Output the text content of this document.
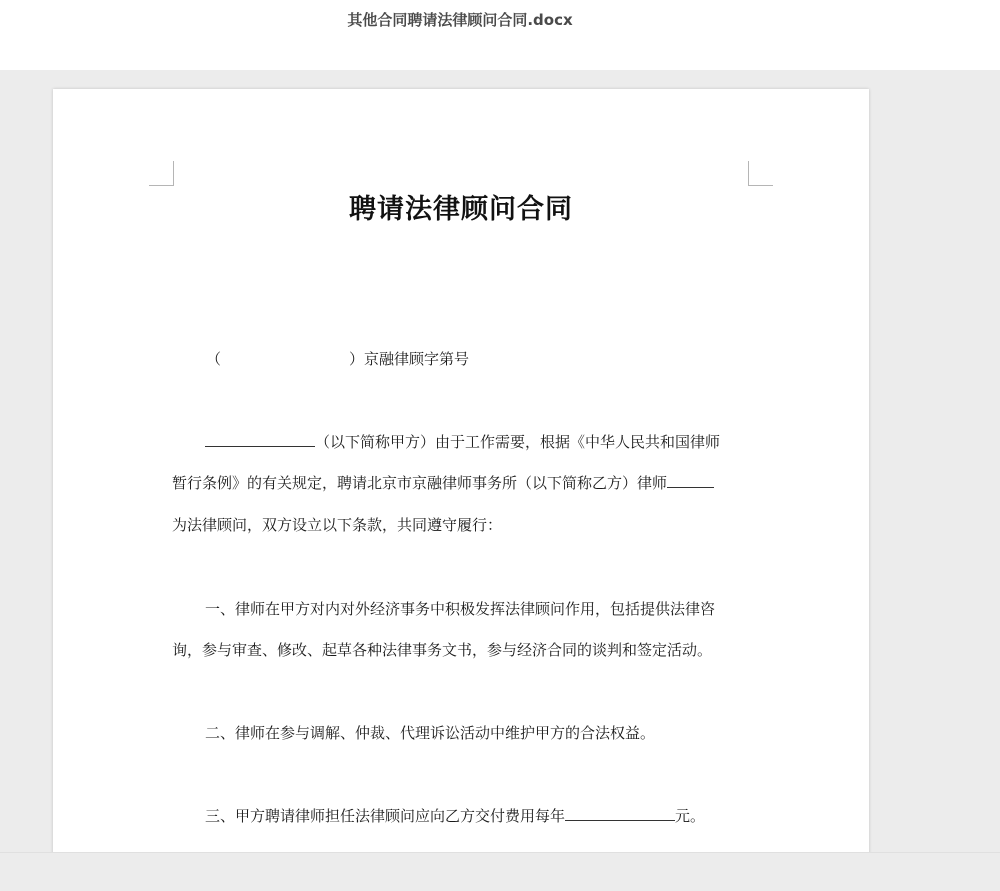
其他合同聘请法律顾问合同.docx
聘请法律顾问合同
（	）京融律顾字第号
（以下简称甲方）由于工作需要，根据《中华人民共和国律师
暂行条例》的有关规定，聘请北京市京融律师事务所（以下简称乙方）律师
为法律顾问，双方设立以下条款，共同遵守履行：
一、律师在甲方对内对外经济事务中积极发挥法律顾问作用，包括提供法律咨
询，参与审查、修改、起草各种法律事务文书，参与经济合同的谈判和签定活动。
二、律师在参与调解、仲裁、代理诉讼活动中维护甲方的合法权益。
三、甲方聘请律师担任法律顾问应向乙方交付费用每年	元。
